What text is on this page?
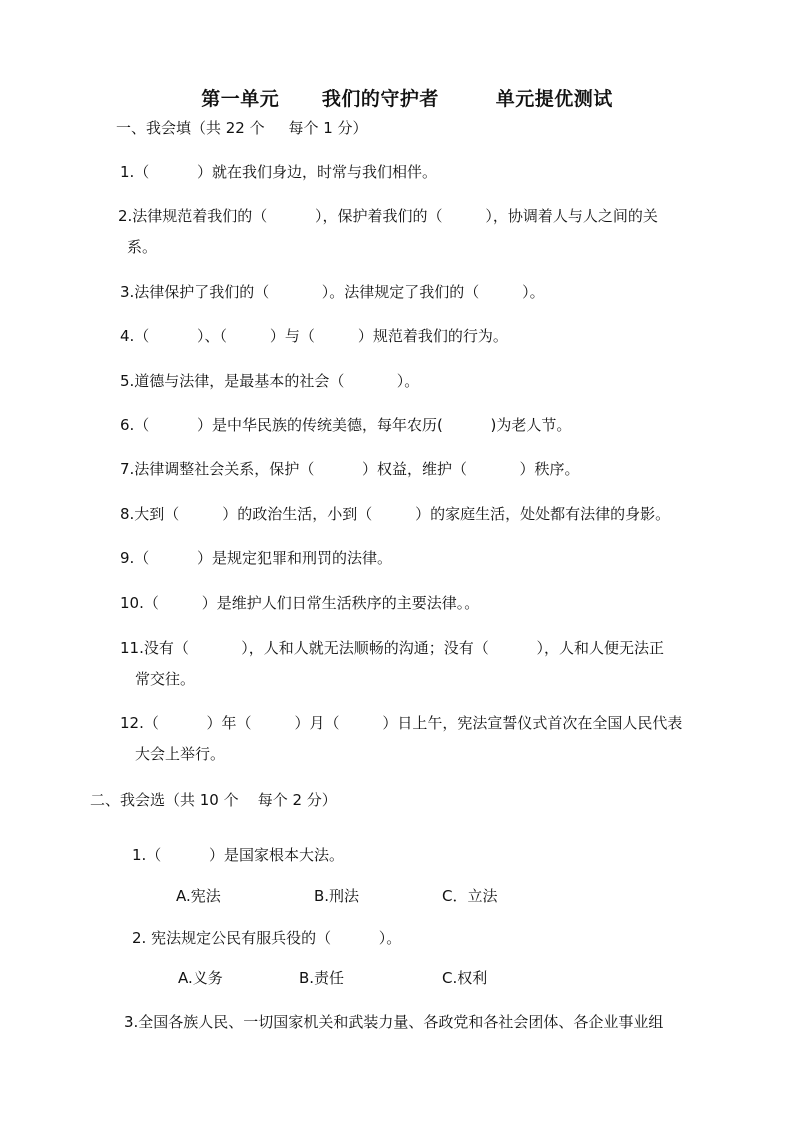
第一单元      我们的守护者        单元提优测试
一、我会填（共 22 个     每个 1 分）
1.（          ）就在我们身边，时常与我们相伴。
2.法律规范着我们的（          ），保护着我们的（         ），协调着人与人之间的关
系。
3.法律保护了我们的（           ）。法律规定了我们的（         ）。
4.（          ）、（         ）与（         ）规范着我们的行为。
5.道德与法律，是最基本的社会（           ）。
6.（          ）是中华民族的传统美德，每年农历(          )为老人节。
7.法律调整社会关系，保护（          ）权益，维护（           ）秩序。
8.大到（         ）的政治生活，小到（         ）的家庭生活，处处都有法律的身影。
9.（          ）是规定犯罪和刑罚的法律。
10.（         ）是维护人们日常生活秩序的主要法律。。
11.没有（           ），人和人就无法顺畅的沟通；没有（          ），人和人便无法正
常交往。
12.（          ）年（         ）月（         ）日上午，宪法宣誓仪式首次在全国人民代表
大会上举行。
二、我会选（共 10 个    每个 2 分）
1.（          ）是国家根本大法。
A.宪法	B.刑法	C．立法
2. 宪法规定公民有服兵役的（          ）。
A.义务	B.责任	C.权利
3.全国各族人民、一切国家机关和武装力量、各政党和各社会团体、各企业事业组
